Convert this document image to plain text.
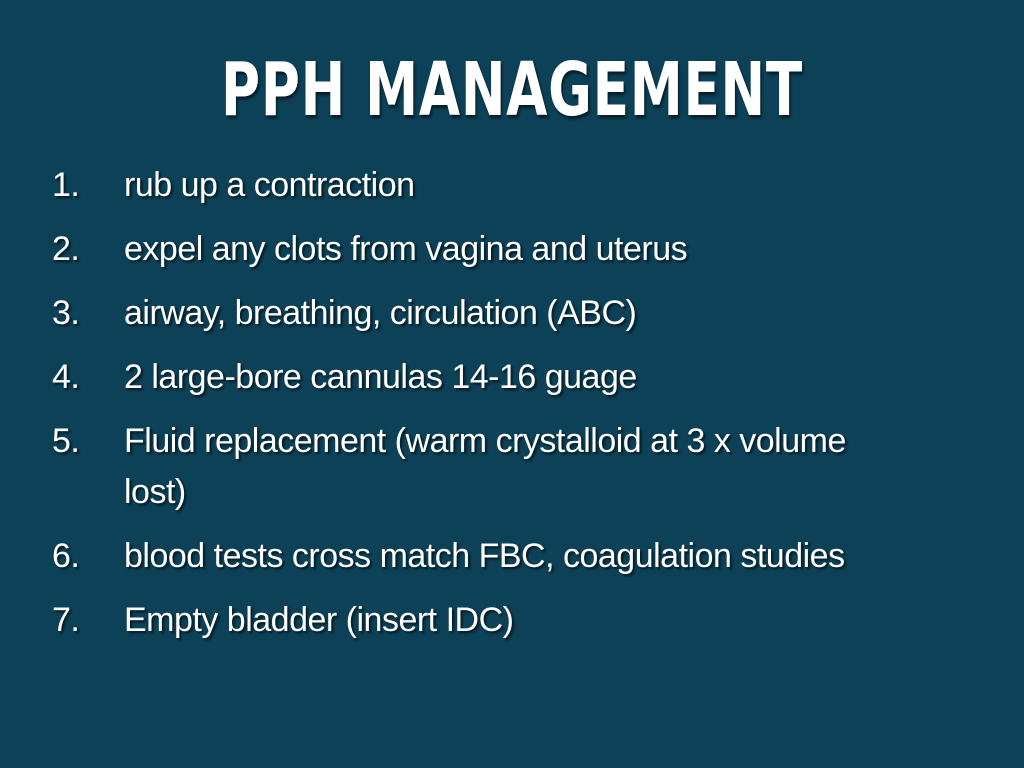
PPH MANAGEMENT
1.	rub up a contraction
2.	expel any clots from vagina and uterus
3.	airway, breathing, circulation (ABC)
4.	2 large-bore cannulas 14-16 guage
5.	Fluid replacement (warm crystalloid at 3 x volume lost)
6.	blood tests cross match FBC, coagulation studies
7.	Empty bladder (insert IDC)
